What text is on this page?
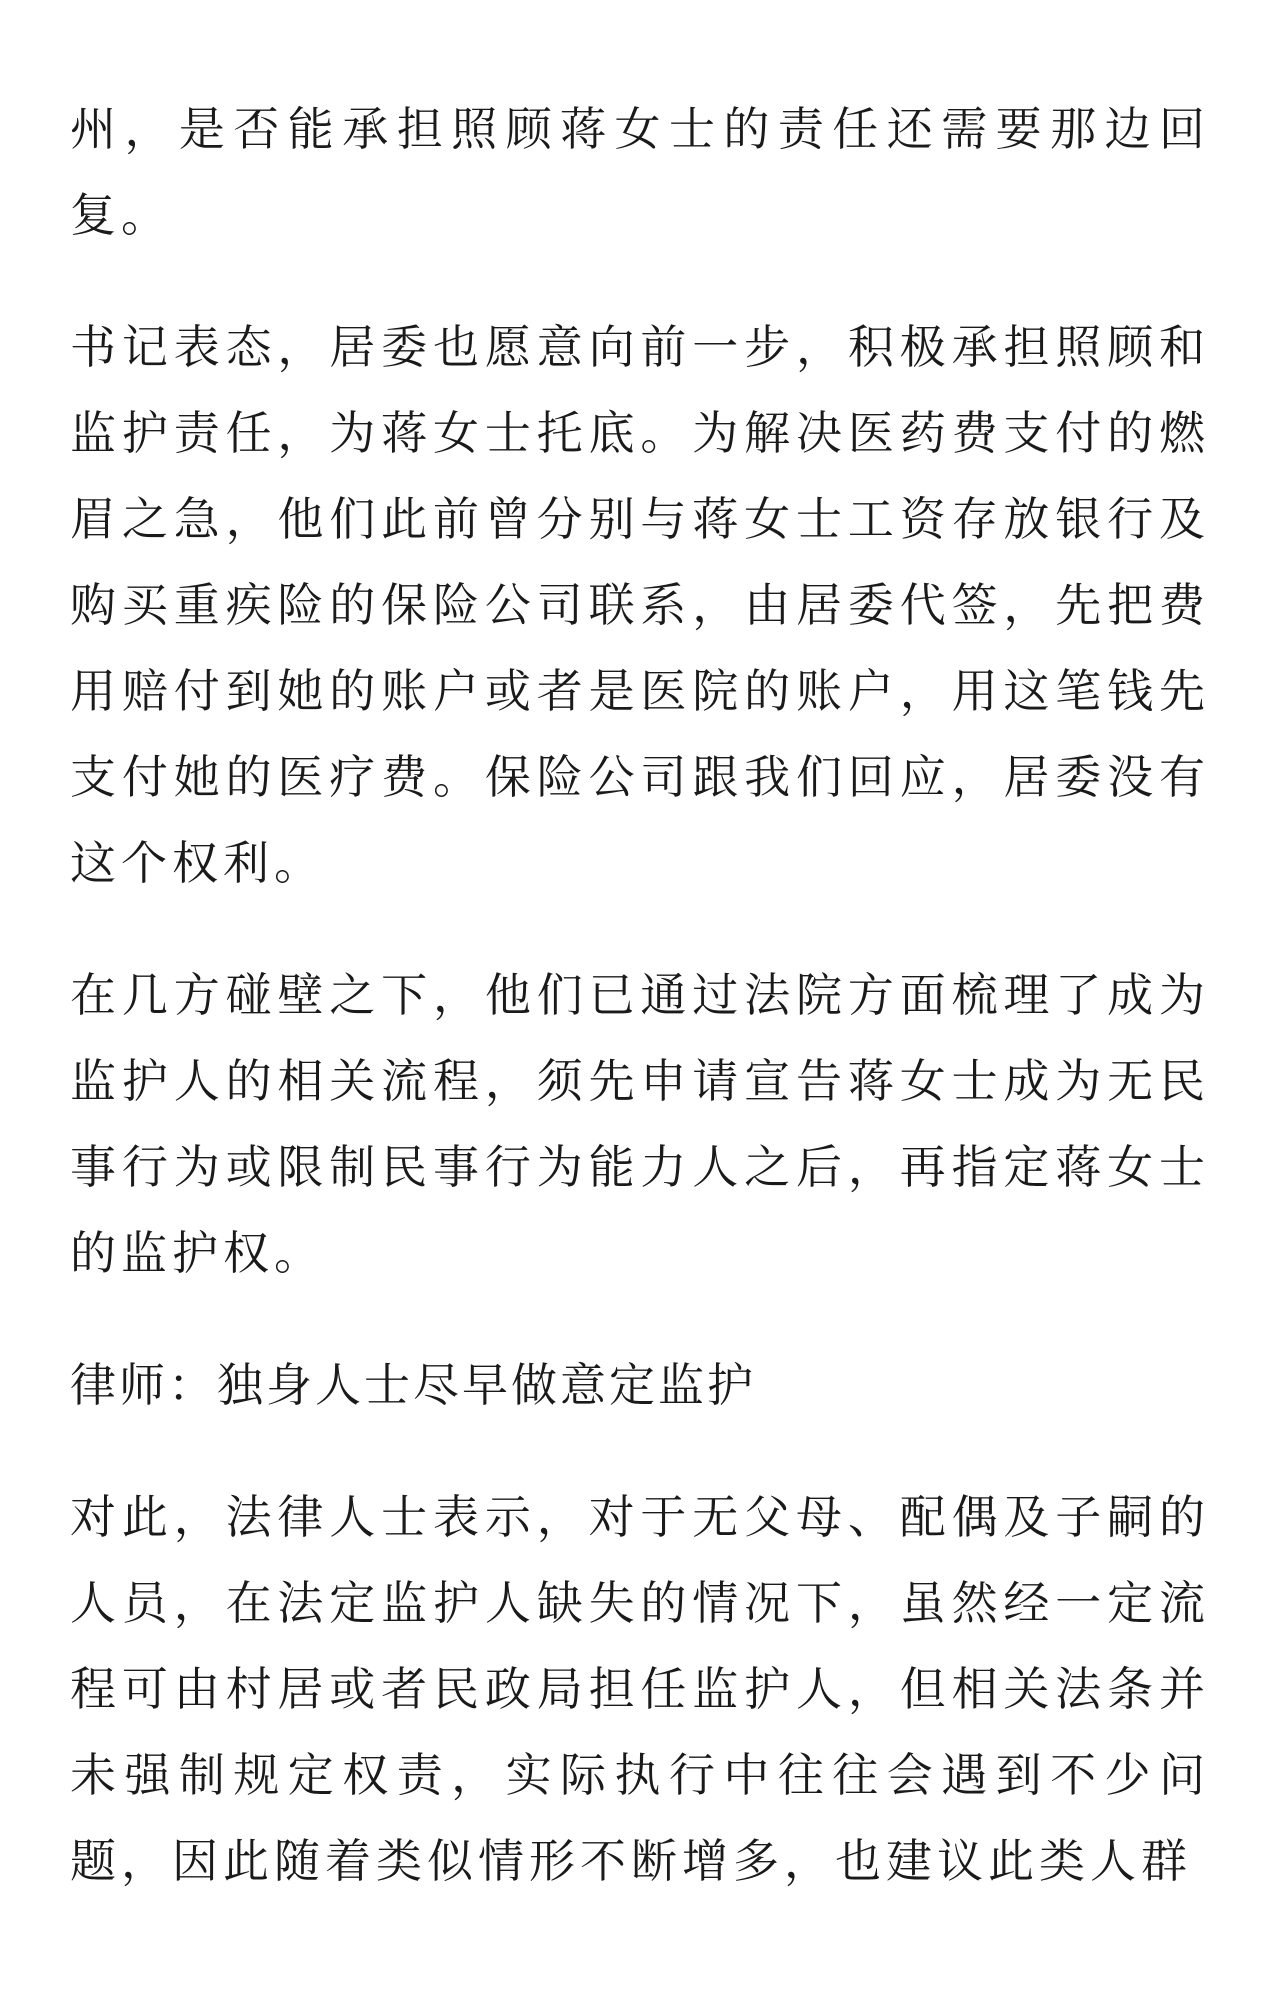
州，是否能承担照顾蒋女士的责任还需要那边回复。

书记表态，居委也愿意向前一步，积极承担照顾和监护责任，为蒋女士托底。为解决医药费支付的燃眉之急，他们此前曾分别与蒋女士工资存放银行及购买重疾险的保险公司联系，由居委代签，先把费用赔付到她的账户或者是医院的账户，用这笔钱先支付她的医疗费。保险公司跟我们回应，居委没有这个权利。

在几方碰壁之下，他们已通过法院方面梳理了成为监护人的相关流程，须先申请宣告蒋女士成为无民事行为或限制民事行为能力人之后，再指定蒋女士的监护权。

律师：独身人士尽早做意定监护

对此，法律人士表示，对于无父母、配偶及子嗣的人员，在法定监护人缺失的情况下，虽然经一定流程可由村居或者民政局担任监护人，但相关法条并未强制规定权责，实际执行中往往会遇到不少问题，因此随着类似情形不断增多，也建议此类人群
